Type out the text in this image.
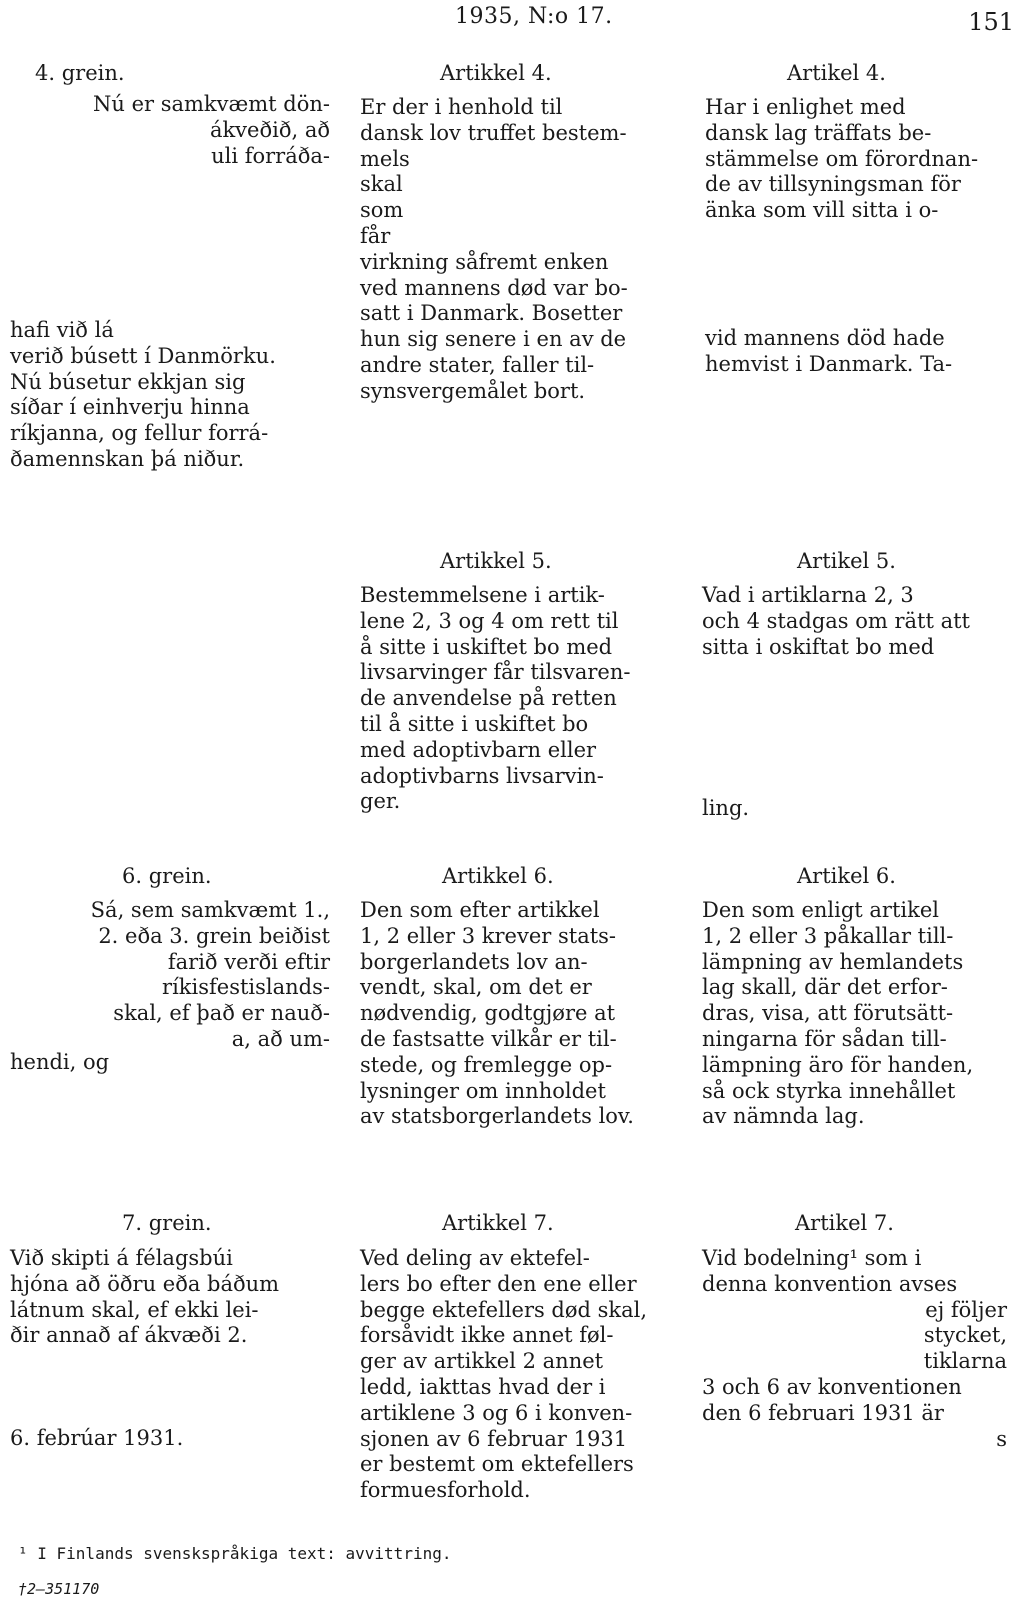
1935, N:o 17.	151
4. grein.
Nú er samkvæmt dön-
ákveðið, að
uli forráða-
hafi við lá
verið búsett í Danmörku.
Nú búsetur ekkjan sig
síðar í einhverju hinna
ríkjanna, og fellur forrá-
ðamennskan þá niður.
Artikkel 4.
Er der i henhold til
dansk lov truffet bestem-
mels
skal
som
får
virkning såfremt enken
ved mannens død var bo-
satt i Danmark. Bosetter
hun sig senere i en av de
andre stater, faller til-
synsvergemålet bort.
Artikel 4.
Har i enlighet med
dansk lag träffats be-
stämmelse om förordnan-
de av tillsyningsman för
änka som vill sitta i o-
vid mannens död hade
hemvist i Danmark. Ta-
Artikkel 5.
Bestemmelsene i artik-
lene 2, 3 og 4 om rett til
å sitte i uskiftet bo med
livsarvinger får tilsvaren-
de anvendelse på retten
til å sitte i uskiftet bo
med adoptivbarn eller
adoptivbarns livsarvin-
ger.
Artikel 5.
Vad i artiklarna 2, 3
och 4 stadgas om rätt att
sitta i oskiftat bo med
ling.
6. grein.
Sá, sem samkvæmt 1.,
2. eða 3. grein beiðist
farið verði eftir
ríkisfestislands-
skal, ef það er nauð-
a, að um-
hendi, og
Artikkel 6.
Den som efter artikkel
1, 2 eller 3 krever stats-
borgerlandets lov an-
vendt, skal, om det er
nødvendig, godtgjøre at
de fastsatte vilkår er til-
stede, og fremlegge op-
lysninger om innholdet
av statsborgerlandets lov.
Artikel 6.
Den som enligt artikel
1, 2 eller 3 påkallar till-
lämpning av hemlandets
lag skall, där det erfor-
dras, visa, att förutsätt-
ningarna för sådan till-
lämpning äro för handen,
så ock styrka innehållet
av nämnda lag.
7. grein.
Við skipti á félagsbúi
hjóna að öðru eða báðum
látnum skal, ef ekki lei-
ðir annað af ákvæði 2.
6. febrúar 1931.
Artikkel 7.
Ved deling av ektefel-
lers bo efter den ene eller
begge ektefellers død skal,
forsåvidt ikke annet føl-
ger av artikkel 2 annet
ledd, iakttas hvad der i
artiklene 3 og 6 i konven-
sjonen av 6 februar 1931
er bestemt om ektefellers
formuesforhold.
Artikel 7.
Vid bodelning¹ som i
denna konvention avses
ej följer
stycket,
tiklarna
3 och 6 av konventionen
den 6 februari 1931 är
s
¹ I Finlands svenskspråkiga text: avvittring.
†2—351170
